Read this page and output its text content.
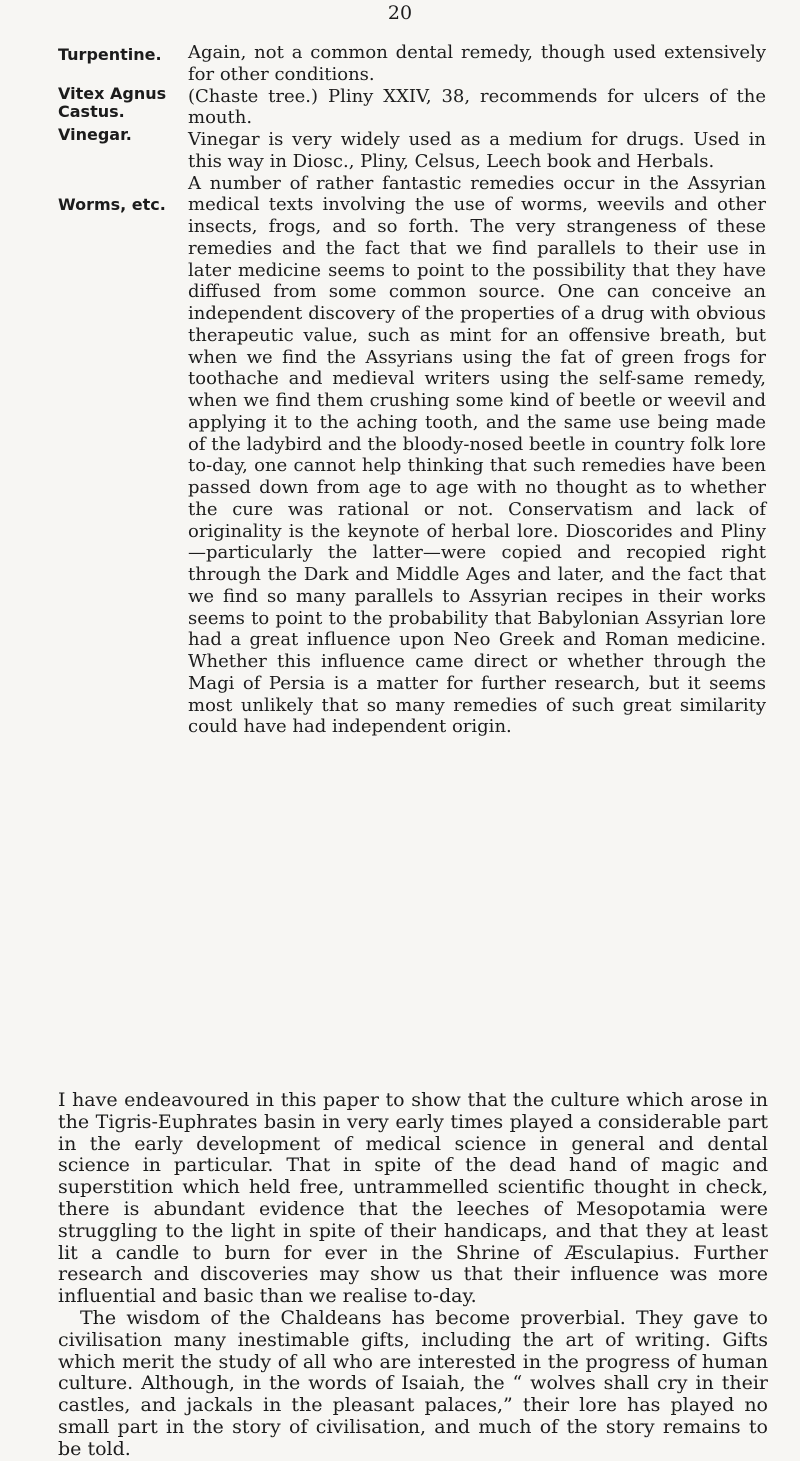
20
Turpentine.
Vitex Agnus
Castus.
Vinegar.
Worms, etc.

Again, not a common dental remedy, though used extensively for other conditions.

(Chaste tree.) Pliny XXIV, 38, recommends for ulcers of the mouth.

Vinegar is very widely used as a medium for drugs. Used in this way in Diosc., Pliny, Celsus, Leech book and Herbals.

A number of rather fantastic remedies occur in the Assyrian medical texts involving the use of worms, weevils and other insects, frogs, and so forth. The very strangeness of these remedies and the fact that we find parallels to their use in later medicine seems to point to the possibility that they have diffused from some common source. One can conceive an independent discovery of the properties of a drug with obvious therapeutic value, such as mint for an offensive breath, but when we find the Assyrians using the fat of green frogs for toothache and medieval writers using the self-same remedy, when we find them crushing some kind of beetle or weevil and applying it to the aching tooth, and the same use being made of the ladybird and the bloody-nosed beetle in country folk lore to-day, one cannot help thinking that such remedies have been passed down from age to age with no thought as to whether the cure was rational or not. Conservatism and lack of originality is the keynote of herbal lore. Dioscorides and Pliny—particularly the latter—were copied and recopied right through the Dark and Middle Ages and later, and the fact that we find so many parallels to Assyrian recipes in their works seems to point to the probability that Babylonian Assyrian lore had a great influence upon Neo Greek and Roman medicine. Whether this influence came direct or whether through the Magi of Persia is a matter for further research, but it seems most unlikely that so many remedies of such great similarity could have had independent origin.

I have endeavoured in this paper to show that the culture which arose in the Tigris-Euphrates basin in very early times played a considerable part in the early development of medical science in general and dental science in particular. That in spite of the dead hand of magic and superstition which held free, untrammelled scientific thought in check, there is abundant evidence that the leeches of Mesopotamia were struggling to the light in spite of their handicaps, and that they at least lit a candle to burn for ever in the Shrine of Æsculapius. Further research and discoveries may show us that their influence was more influential and basic than we realise to-day.

The wisdom of the Chaldeans has become proverbial. They gave to civilisation many inestimable gifts, including the art of writing. Gifts which merit the study of all who are interested in the progress of human culture. Although, in the words of Isaiah, the “ wolves shall cry in their castles, and jackals in the pleasant palaces,” their lore has played no small part in the story of civilisation, and much of the story remains to be told.
